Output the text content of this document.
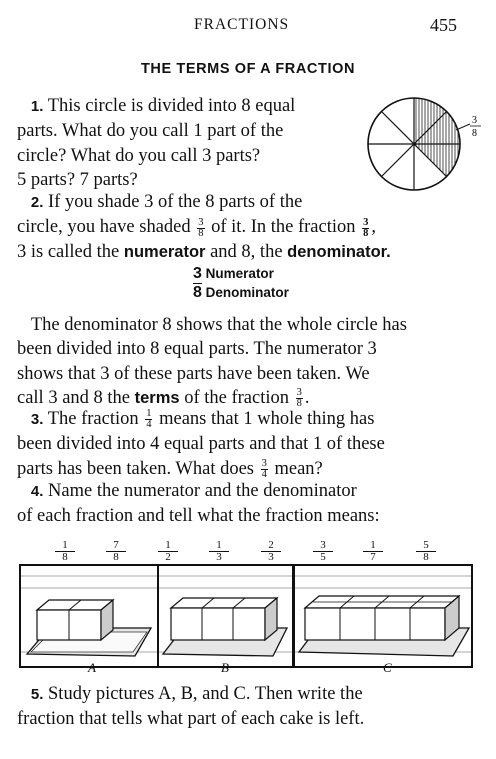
FRACTIONS	455
THE TERMS OF A FRACTION
3
8
1. This circle is divided into 8 equal
parts. What do you call 1 part of the
circle? What do you call 3 parts?
5 parts? 7 parts?
2. If you shade 3 of the 8 parts of the
circle, you have shaded $\frac{3}{8}$ of it. In the fraction $\frac{3}{8}$ ,
3 is called the numerator and 8, the denominator.
3 Numerator
8 Denominator
The denominator 8 shows that the whole circle has
been divided into 8 equal parts. The numerator 3
shows that 3 of these parts have been taken. We
call 3 and 8 the terms of the fraction $\frac{3}{8}$ .
3. The fraction $\frac{1}{4}$ means that 1 whole thing has
been divided into 4 equal parts and that 1 of these
parts has been taken. What does $\frac{3}{4}$ mean?
4. Name the numerator and the denominator
of each fraction and tell what the fraction means:
$\frac{1}{8}$	$\frac{7}{8}$	$\frac{1}{2}$	$\frac{1}{3}$	$\frac{2}{3}$	$\frac{3}{5}$	$\frac{1}{7}$	$\frac{5}{8}$
A	B	C
5. Study pictures A, B, and C. Then write the
fraction that tells what part of each cake is left.
